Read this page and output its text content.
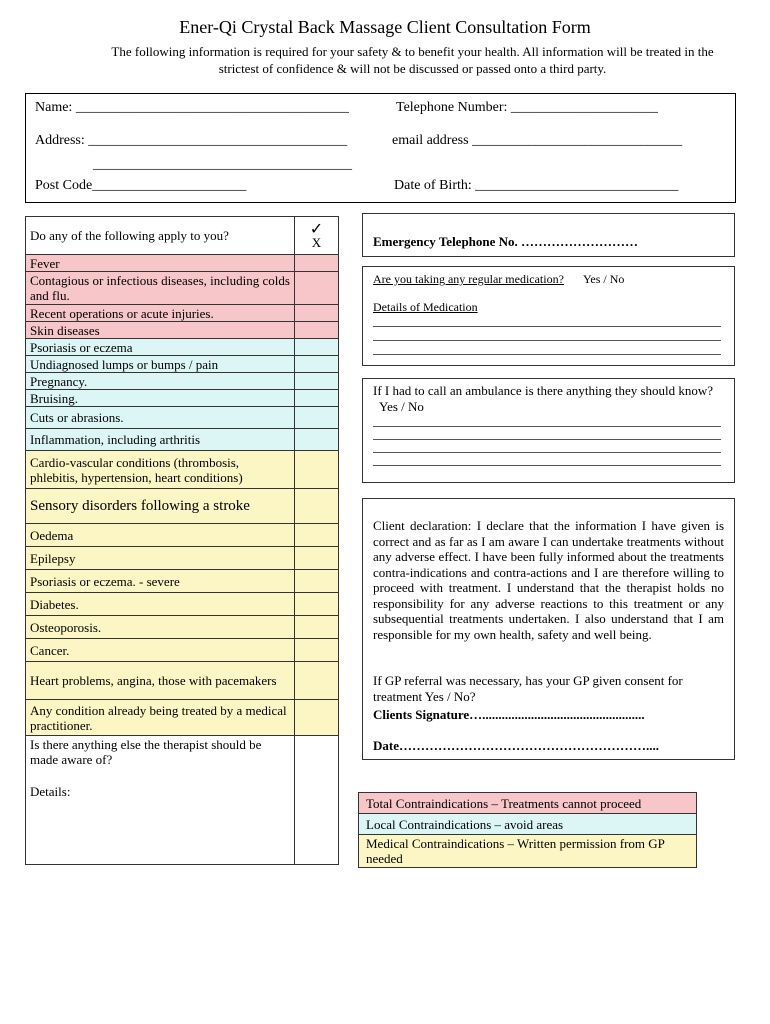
Ener-Qi Crystal Back Massage Client Consultation Form
The following information is required for your safety & to benefit your health. All information will be treated in the strictest of confidence & will not be discussed or passed onto a third party.
Name: _______________________________________	Telephone Number: _____________________
Address: _____________________________________	email address ______________________________
_____________________________________
Post Code______________________	Date of Birth: _____________________________
Do any of the following apply to you?	✓
X

Fever	
Contagious or infectious diseases, including colds and flu.	
Recent operations or acute injuries.	
Skin diseases	
Psoriasis or eczema	
Undiagnosed lumps or bumps / pain	
Pregnancy.	
Bruising.	
Cuts or abrasions.	
Inflammation, including arthritis	
Cardio-vascular conditions (thrombosis, phlebitis, hypertension, heart conditions)	
Sensory disorders following a stroke	
Oedema	
Epilepsy	
Psoriasis or eczema. - severe	
Diabetes.	
Osteoporosis.	
Cancer.	
Heart problems, angina, those with pacemakers	
Any condition already being treated by a medical practitioner.	

Is there anything else the therapist should be made aware of?
Details:	

Emergency Telephone No. ………………………
Are you taking any regular medication? Yes / No
Details of Medication
If I had to call an ambulance is there anything they should know? Yes / No
Client declaration: I declare that the information I have given is correct and as far as I am aware I can undertake treatments without any adverse effect. I have been fully informed about the treatments contra-indications and contra-actions and I are therefore willing to proceed with treatment. I understand that the therapist holds no responsibility for any adverse reactions to this treatment or any subsequential treatments undertaken. I also understand that I am responsible for my own health, safety and well being.
If GP referral was necessary, has your GP given consent for treatment Yes / No?
Clients Signature…..................................................
Date…………………………………………………....
Total Contraindications – Treatments cannot proceed
Local Contraindications – avoid areas
Medical Contraindications – Written permission from GP needed
